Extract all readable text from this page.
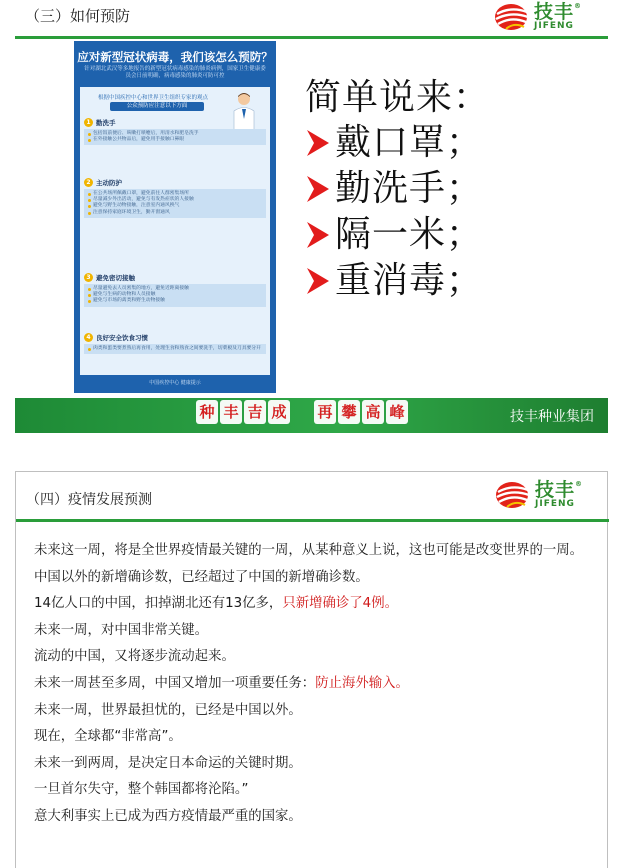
（三）如何预防	技丰®
JIFENG
应对新型冠状病毒，我们该怎么预防？
针对湖北武汉等多地报告的新型冠状病毒感染的肺炎病例，国家卫生健康委员会日前明确，病毒感染的肺炎可防可控
根据中国疾控中心和世界卫生组织专家的观点
公众预防应注意以下方面
1 勤洗手
包括饭前便后、咳嗽打喷嚏后，用清水和肥皂洗手
在外接触公共物品后，避免用手接触口鼻眼
2 主动防护
在公共场所佩戴口罩，避免前往人群密集场所
尽量减少外出活动，避免与有发热症状的人接触
避免与野生动物接触，注意室内通风换气
注意保持家庭环境卫生，勤开窗通风
3 避免密切接触
尽量避免去人员密集的地方，避免近距离接触
避免与生病的动物和人员接触
避免与市场的禽类和野生动物接触
4 良好安全饮食习惯
肉类和蛋类要煮熟后再食用，处理生食和熟食之间要洗手，切菜板及刀具要分开
中国疾控中心 健康提示
简单说来：
戴口罩；
勤洗手；
隔一米；
重消毒；
种 丰 吉 成 再 攀 高 峰	技丰种业集团
（四）疫情发展预测	技丰®
JIFENG

未来这一周，将是全世界疫情最关键的一周，从某种意义上说，这也可能是改变世界的一周。

中国以外的新增确诊数，已经超过了中国的新增确诊数。

14亿人口的中国，扣掉湖北还有13亿多，只新增确诊了4例。

未来一周，对中国非常关键。

流动的中国，又将逐步流动起来。

未来一周甚至多周，中国又增加一项重要任务：防止海外输入。

未来一周，世界最担忧的，已经是中国以外。

现在，全球都“非常高”。

未来一到两周，是决定日本命运的关键时期。

一旦首尔失守，整个韩国都将沦陷。”

意大利事实上已成为西方疫情最严重的国家。
